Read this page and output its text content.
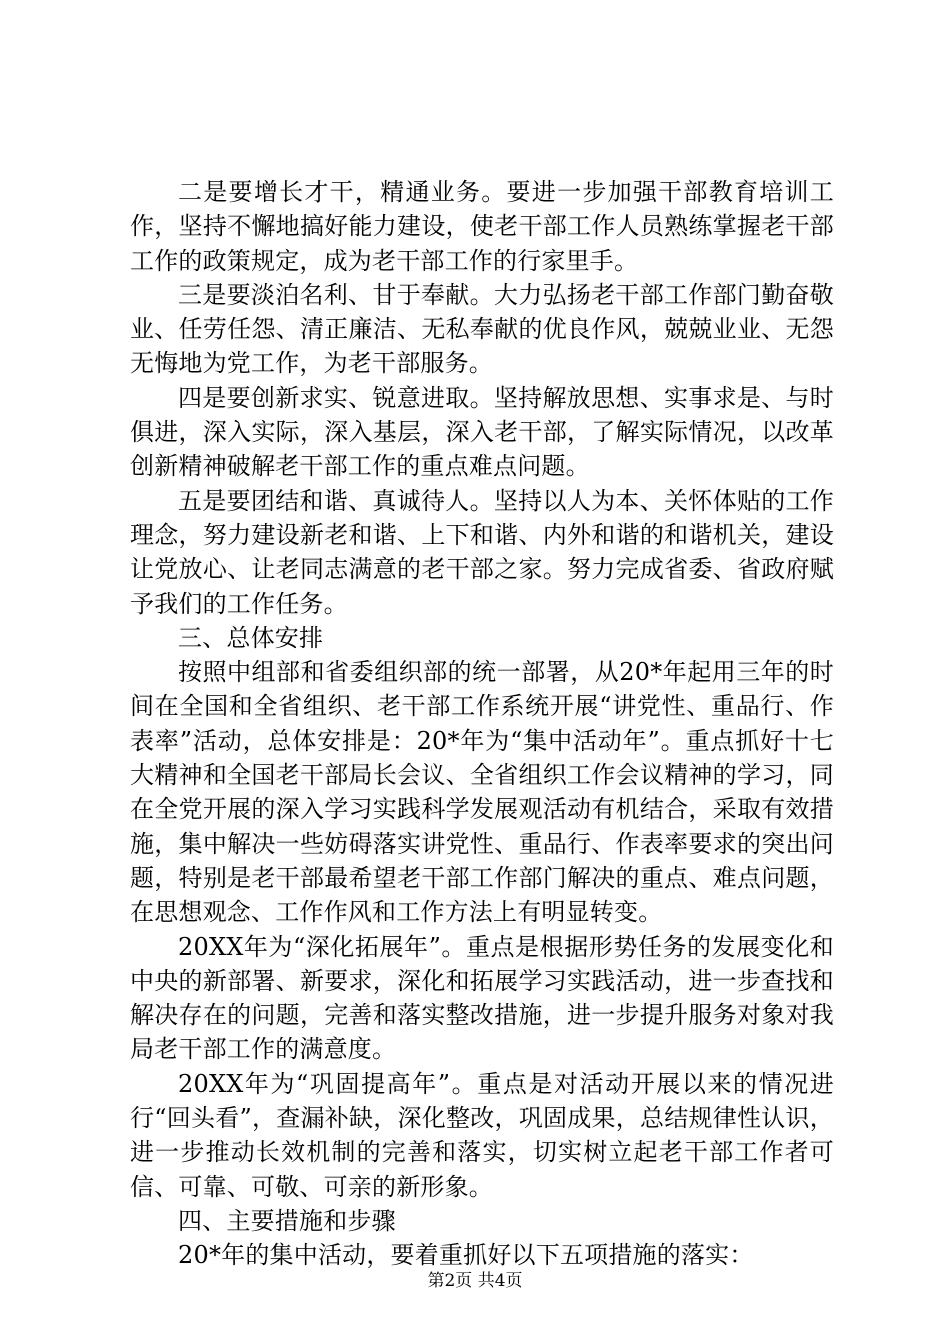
二是要增长才干，精通业务。要进一步加强干部教育培训工作，坚持不懈地搞好能力建设，使老干部工作人员熟练掌握老干部工作的政策规定，成为老干部工作的行家里手。

三是要淡泊名利、甘于奉献。大力弘扬老干部工作部门勤奋敬业、任劳任怨、清正廉洁、无私奉献的优良作风，兢兢业业、无怨无悔地为党工作，为老干部服务。

四是要创新求实、锐意进取。坚持解放思想、实事求是、与时俱进，深入实际，深入基层，深入老干部，了解实际情况，以改革创新精神破解老干部工作的重点难点问题。

五是要团结和谐、真诚待人。坚持以人为本、关怀体贴的工作理念，努力建设新老和谐、上下和谐、内外和谐的和谐机关，建设让党放心、让老同志满意的老干部之家。努力完成省委、省政府赋予我们的工作任务。

三、总体安排

按照中组部和省委组织部的统一部署，从20*年起用三年的时间在全国和全省组织、老干部工作系统开展“讲党性、重品行、作表率”活动，总体安排是：20*年为“集中活动年”。重点抓好十七大精神和全国老干部局长会议、全省组织工作会议精神的学习，同在全党开展的深入学习实践科学发展观活动有机结合，采取有效措施，集中解决一些妨碍落实讲党性、重品行、作表率要求的突出问题，特别是老干部最希望老干部工作部门解决的重点、难点问题，在思想观念、工作作风和工作方法上有明显转变。

20XX年为“深化拓展年”。重点是根据形势任务的发展变化和中央的新部署、新要求，深化和拓展学习实践活动，进一步查找和解决存在的问题，完善和落实整改措施，进一步提升服务对象对我局老干部工作的满意度。

20XX年为“巩固提高年”。重点是对活动开展以来的情况进行“回头看”，查漏补缺，深化整改，巩固成果，总结规律性认识，进一步推动长效机制的完善和落实，切实树立起老干部工作者可信、可靠、可敬、可亲的新形象。

四、主要措施和步骤

20*年的集中活动，要着重抓好以下五项措施的落实：

第2页 共4页
